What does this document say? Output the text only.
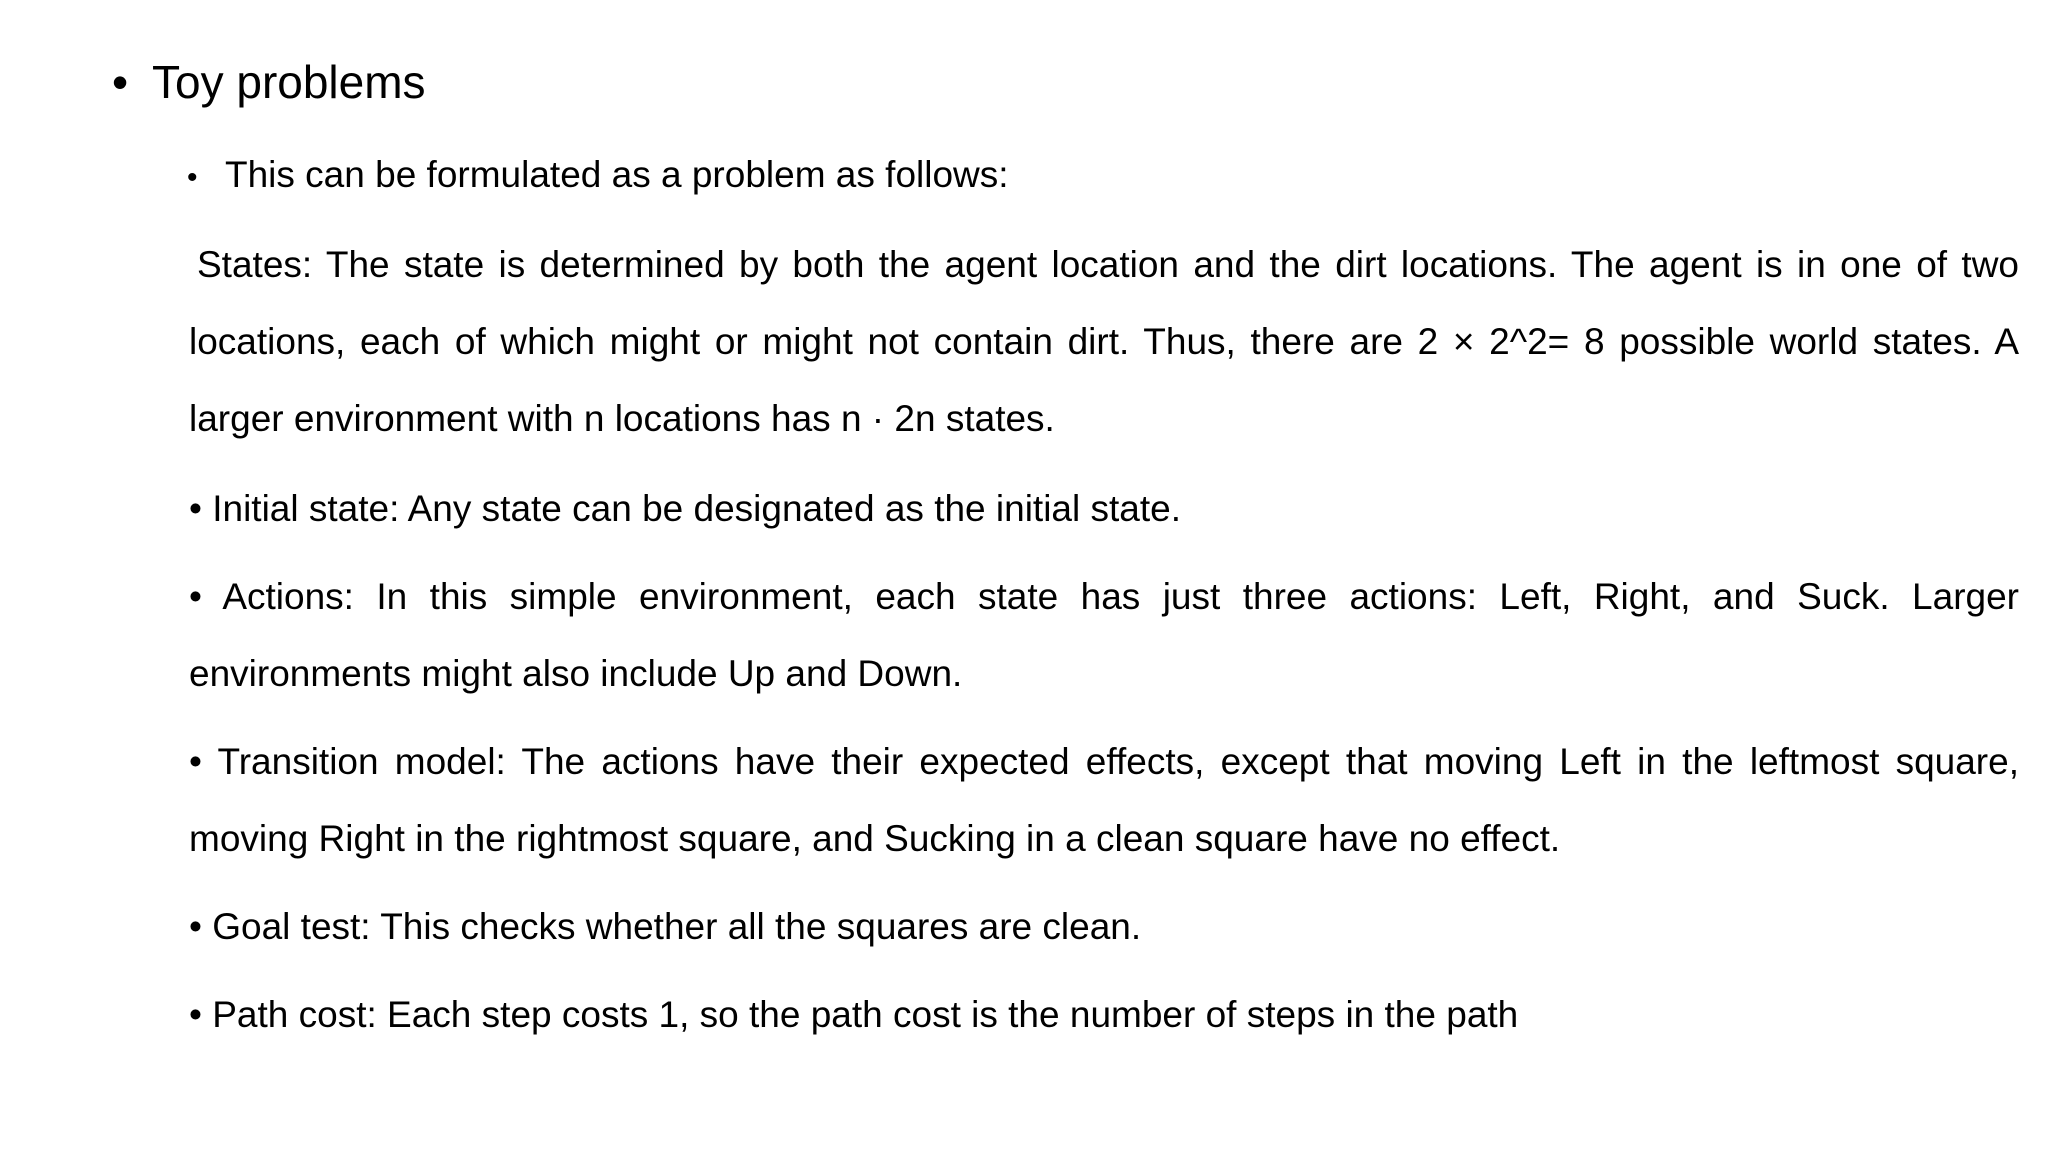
• Toy problems
• This can be formulated as a problem as follows:

States: The state is determined by both the agent location and the dirt locations. The agent is in one of two locations, each of which might or might not contain dirt. Thus, there are 2 × 2^2= 8 possible world states. A larger environment with n locations has n · 2n states.

• Initial state: Any state can be designated as the initial state.

• Actions: In this simple environment, each state has just three actions: Left, Right, and Suck. Larger environments might also include Up and Down.

• Transition model: The actions have their expected effects, except that moving Left in the leftmost square, moving Right in the rightmost square, and Sucking in a clean square have no effect.

• Goal test: This checks whether all the squares are clean.

• Path cost: Each step costs 1, so the path cost is the number of steps in the path
